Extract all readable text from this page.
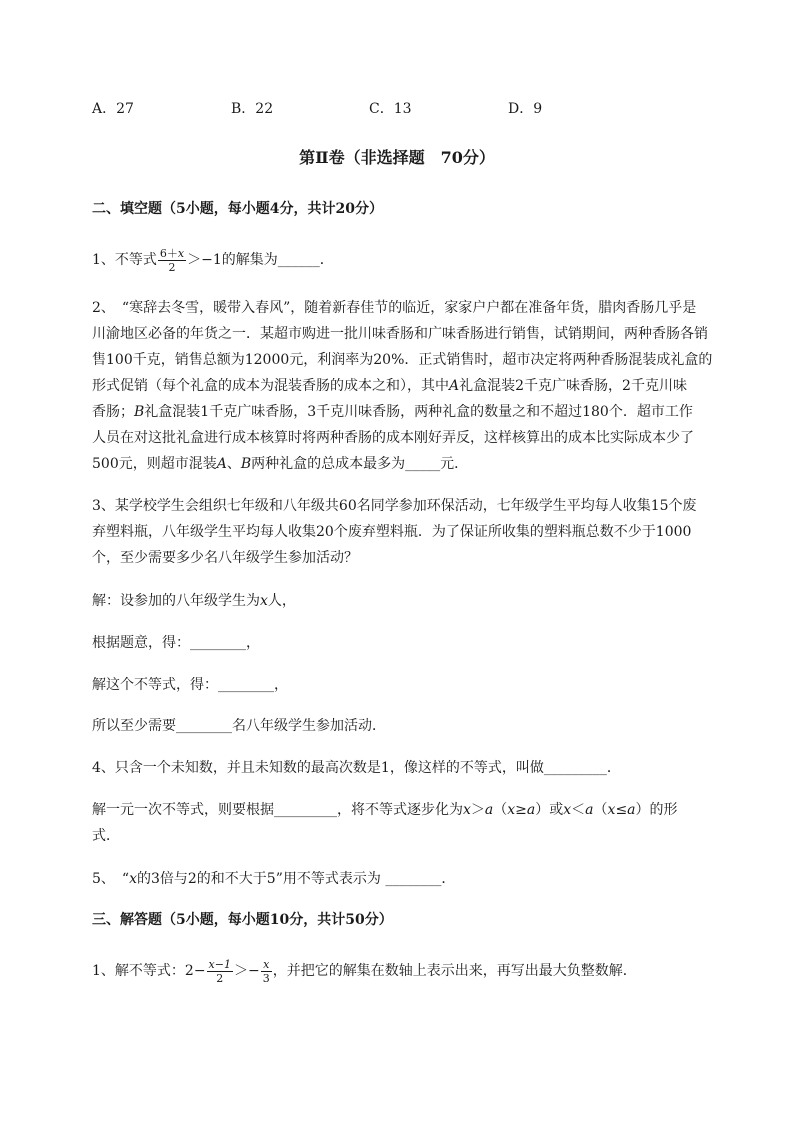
A．27	B．22	C．13	D．9
第Ⅱ卷（非选择题　70分）
二、填空题（5小题，每小题4分，共计20分）
1、不等式 $\frac{6+x}{2} >-1$的解集为______．
2、　“寒辞去冬雪，暖带入春风”，随着新春佳节的临近，家家户户都在准备年货，腊肉香肠几乎是
川渝地区必备的年货之一．某超市购进一批川味香肠和广味香肠进行销售，试销期间，两种香肠各销
售100千克，销售总额为12000元，利润率为20%．正式销售时，超市决定将两种香肠混装成礼盒的
形式促销（每个礼盒的成本为混装香肠的成本之和），其中A礼盒混装2千克广味香肠，2千克川味
香肠；B礼盒混装1千克广味香肠，3千克川味香肠，两种礼盒的数量之和不超过180个．超市工作
人员在对这批礼盒进行成本核算时将两种香肠的成本刚好弄反，这样核算出的成本比实际成本少了
500元，则超市混装A、B两种礼盒的总成本最多为_____元．
3、某学校学生会组织七年级和八年级共60名同学参加环保活动，七年级学生平均每人收集15个废
弃塑料瓶，八年级学生平均每人收集20个废弃塑料瓶．为了保证所收集的塑料瓶总数不少于1000
个，至少需要多少名八年级学生参加活动？
解：设参加的八年级学生为x人，
根据题意，得：________，
解这个不等式，得：________，
所以至少需要________名八年级学生参加活动．
4、只含一个未知数，并且未知数的最高次数是1，像这样的不等式，叫做_________．
解一元一次不等式，则要根据_________，将不等式逐步化为x＞a（x≥a）或x＜a（x≤a）的形
式．
5、　“x的3倍与2的和不大于5”用不等式表示为 ________．
三、解答题（5小题，每小题10分，共计50分）
1、解不等式：$2- \frac{x-1}{2} >- \frac{x}{3}$ ，并把它的解集在数轴上表示出来，再写出最大负整数解．
